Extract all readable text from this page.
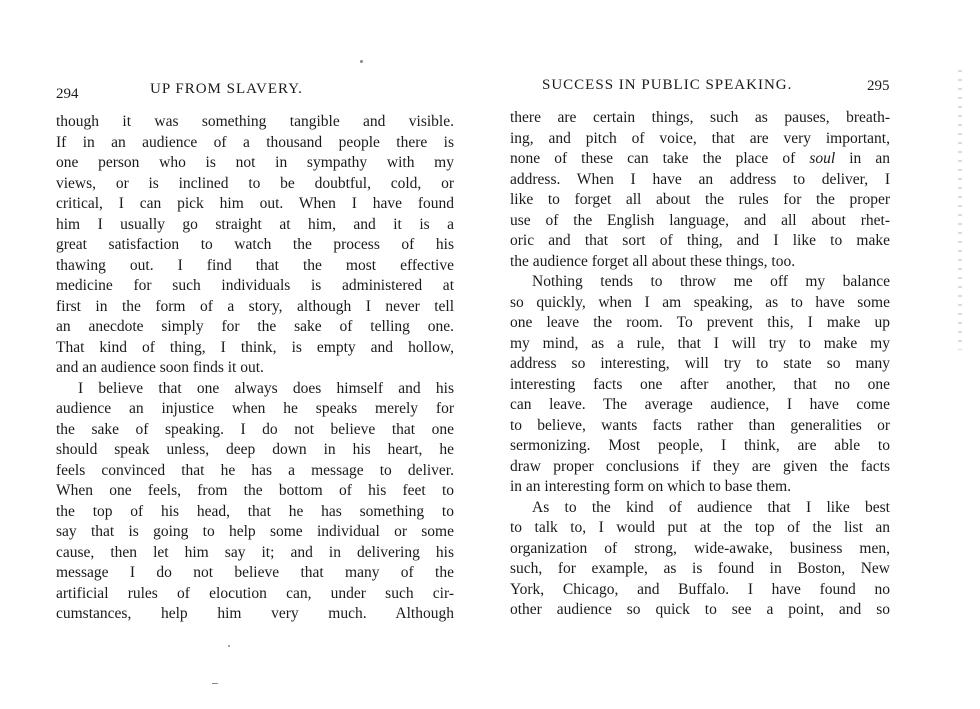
294	UP FROM SLAVERY.
though it was something tangible and visible.
If in an audience of a thousand people there is
one person who is not in sympathy with my
views, or is inclined to be doubtful, cold, or
critical, I can pick him out. When I have found
him I usually go straight at him, and it is a
great satisfaction to watch the process of his
thawing out. I find that the most effective
medicine for such individuals is administered at
first in the form of a story, although I never tell
an anecdote simply for the sake of telling one.
That kind of thing, I think, is empty and hollow,
and an audience soon finds it out.
I believe that one always does himself and his
audience an injustice when he speaks merely for
the sake of speaking. I do not believe that one
should speak unless, deep down in his heart, he
feels convinced that he has a message to deliver.
When one feels, from the bottom of his feet to
the top of his head, that he has something to
say that is going to help some individual or some
cause, then let him say it; and in delivering his
message I do not believe that many of the
artificial rules of elocution can, under such cir-
cumstances, help him very much. Although
SUCCESS IN PUBLIC SPEAKING.	295
there are certain things, such as pauses, breath-
ing, and pitch of voice, that are very important,
none of these can take the place of soul in an
address. When I have an address to deliver, I
like to forget all about the rules for the proper
use of the English language, and all about rhet-
oric and that sort of thing, and I like to make
the audience forget all about these things, too.
Nothing tends to throw me off my balance
so quickly, when I am speaking, as to have some
one leave the room. To prevent this, I make up
my mind, as a rule, that I will try to make my
address so interesting, will try to state so many
interesting facts one after another, that no one
can leave. The average audience, I have come
to believe, wants facts rather than generalities or
sermonizing. Most people, I think, are able to
draw proper conclusions if they are given the facts
in an interesting form on which to base them.
As to the kind of audience that I like best
to talk to, I would put at the top of the list an
organization of strong, wide-awake, business men,
such, for example, as is found in Boston, New
York, Chicago, and Buffalo. I have found no
other audience so quick to see a point, and so
